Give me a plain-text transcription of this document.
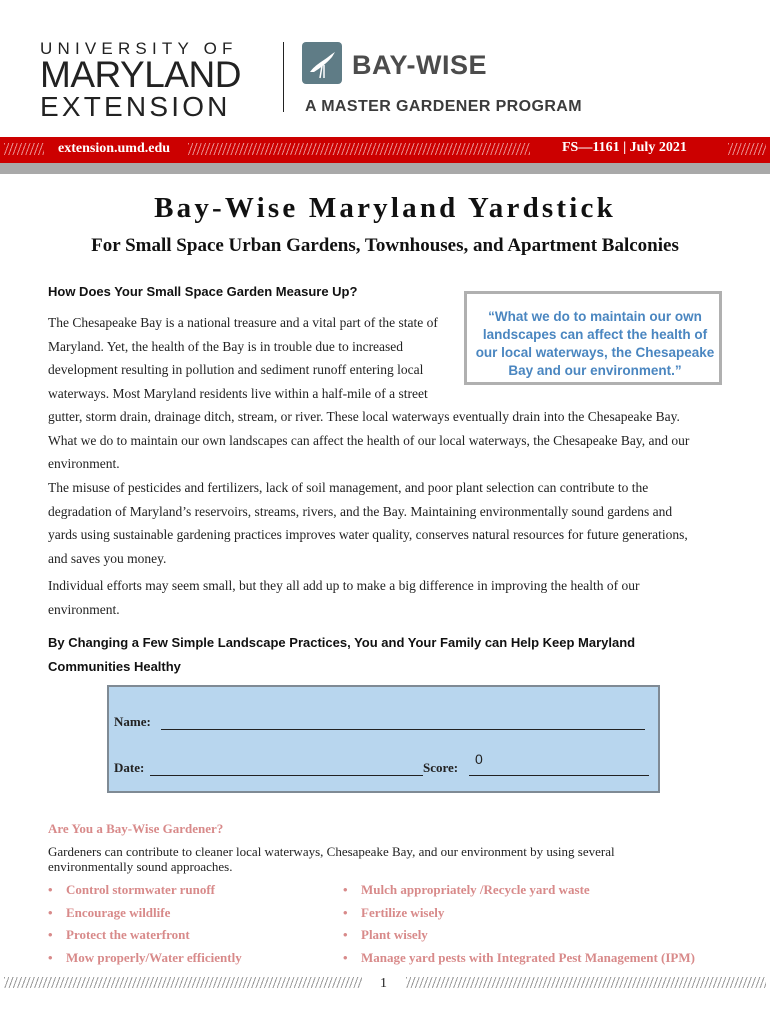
UNIVERSITY OF
MARYLAND
EXTENSION
BAY-WISE
A MASTER GARDENER PROGRAM
extension.umd.edu	FS—1161 | July 2021
Bay-Wise Maryland Yardstick
For Small Space Urban Gardens, Townhouses, and Apartment Balconies
How Does Your Small Space Garden Measure Up?
The Chesapeake Bay is a national treasure and a vital part of the state of
Maryland. Yet, the health of the Bay is in trouble due to increased
development resulting in pollution and sediment runoff entering local
waterways. Most Maryland residents live within a half-mile of a street
gutter, storm drain, drainage ditch, stream, or river. These local waterways eventually drain into the Chesapeake Bay.
What we do to maintain our own landscapes can affect the health of our local waterways, the Chesapeake Bay, and our
environment.
“What we do to maintain our own
landscapes can affect the health of
our local waterways, the Chesapeake
Bay and our environment.”
The misuse of pesticides and fertilizers, lack of soil management, and poor plant selection can contribute to the
degradation of Maryland’s reservoirs, streams, rivers, and the Bay. Maintaining environmentally sound gardens and
yards using sustainable gardening practices improves water quality, conserves natural resources for future generations,
and saves you money.
Individual efforts may seem small, but they all add up to make a big difference in improving the health of our
environment.
By Changing a Few Simple Landscape Practices, You and Your Family can Help Keep Maryland
Communities Healthy
Name:
Date:	Score:
0
Are You a Bay-Wise Gardener?
Gardeners can contribute to cleaner local waterways, Chesapeake Bay, and our environment by using several
environmentally sound approaches.
• Control stormwater runoff
• Encourage wildlife
• Protect the waterfront
• Mow properly/Water efficiently
• Mulch appropriately /Recycle yard waste
• Fertilize wisely
• Plant wisely
• Manage yard pests with Integrated Pest Management (IPM)
1
